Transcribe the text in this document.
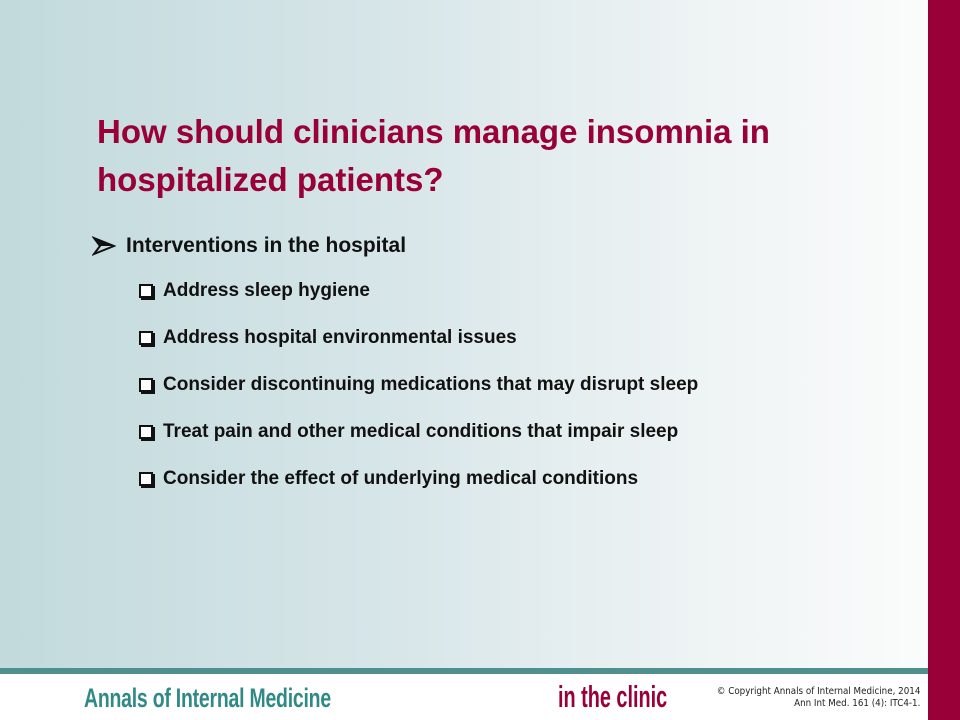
How should clinicians manage insomnia in hospitalized patients?
Interventions in the hospital
Address sleep hygiene
Address hospital environmental issues
Consider discontinuing medications that may disrupt sleep
Treat pain and other medical conditions that impair sleep
Consider the effect of underlying medical conditions
Annals of Internal Medicine	in the clinic	© Copyright Annals of Internal Medicine, 2014
Ann Int Med. 161 (4): ITC4-1.
